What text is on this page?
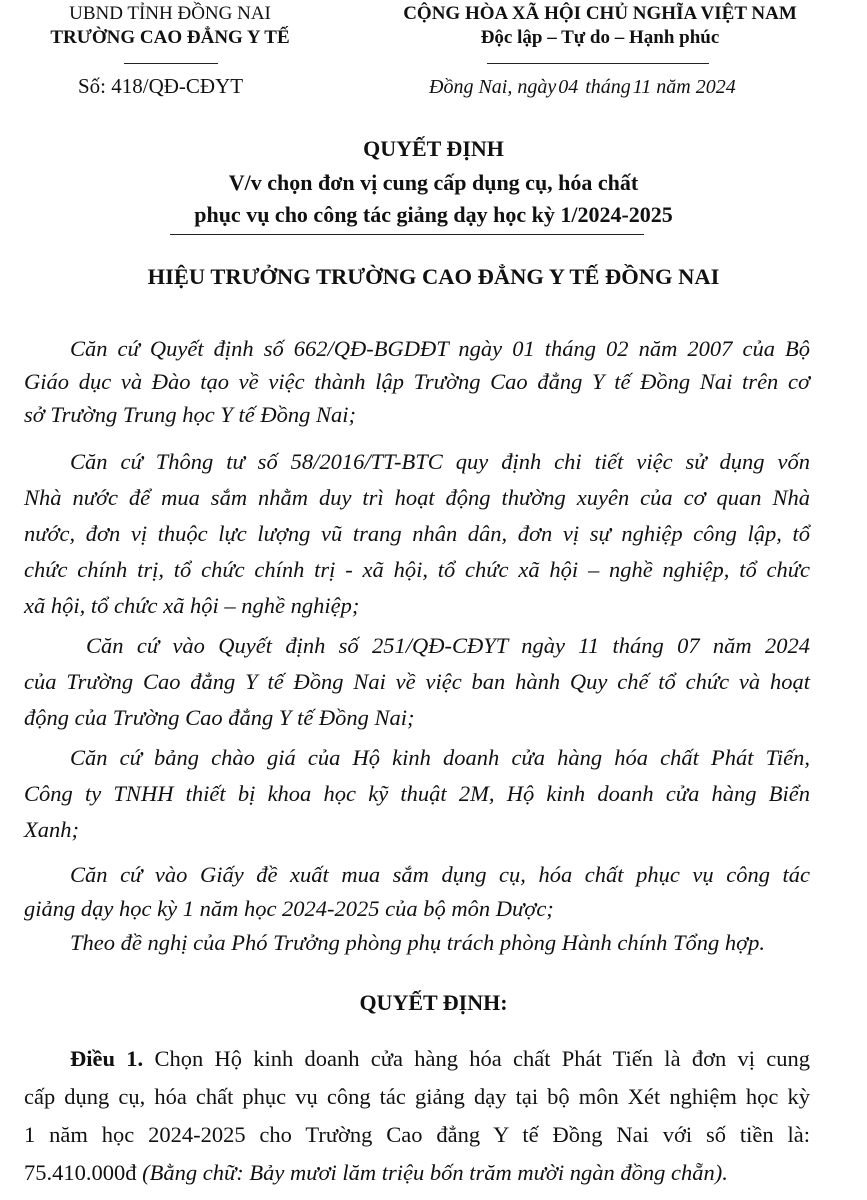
UBND TỈNH ĐỒNG NAI
TRƯỜNG CAO ĐẲNG Y TẾ
CỘNG HÒA XÃ HỘI CHỦ NGHĨA VIỆT NAM
Độc lập – Tự do – Hạnh phúc
Số: 418/QĐ-CĐYT	Đồng Nai, ngày 04 tháng 11 năm 2024
QUYẾT ĐỊNH
V/v chọn đơn vị cung cấp dụng cụ, hóa chất
phục vụ cho công tác giảng dạy học kỳ 1/2024-2025
HIỆU TRƯỞNG TRƯỜNG CAO ĐẲNG Y TẾ ĐỒNG NAI
Căn cứ Quyết định số 662/QĐ-BGDĐT ngày 01 tháng 02 năm 2007 của Bộ
Giáo dục và Đào tạo về việc thành lập Trường Cao đẳng Y tế Đồng Nai trên cơ
sở Trường Trung học Y tế Đồng Nai;
Căn cứ Thông tư số 58/2016/TT-BTC quy định chi tiết việc sử dụng vốn
Nhà nước để mua sắm nhằm duy trì hoạt động thường xuyên của cơ quan Nhà
nước, đơn vị thuộc lực lượng vũ trang nhân dân, đơn vị sự nghiệp công lập, tổ
chức chính trị, tổ chức chính trị - xã hội, tổ chức xã hội – nghề nghiệp, tổ chức
xã hội, tổ chức xã hội – nghề nghiệp;
Căn cứ vào Quyết định số 251/QĐ-CĐYT ngày 11 tháng 07 năm 2024
của Trường Cao đẳng Y tế Đồng Nai về việc ban hành Quy chế tổ chức và hoạt
động của Trường Cao đẳng Y tế Đồng Nai;
Căn cứ bảng chào giá của Hộ kinh doanh cửa hàng hóa chất Phát Tiến,
Công ty TNHH thiết bị khoa học kỹ thuật 2M, Hộ kinh doanh cửa hàng Biển
Xanh;
Căn cứ vào Giấy đề xuất mua sắm dụng cụ, hóa chất phục vụ công tác
giảng dạy học kỳ 1 năm học 2024-2025 của bộ môn Dược;
Theo đề nghị của Phó Trưởng phòng phụ trách phòng Hành chính Tổng hợp.
QUYẾT ĐỊNH:
Điều 1. Chọn Hộ kinh doanh cửa hàng hóa chất Phát Tiến là đơn vị cung
cấp dụng cụ, hóa chất phục vụ công tác giảng dạy tại bộ môn Xét nghiệm học kỳ
1 năm học 2024-2025 cho Trường Cao đẳng Y tế Đồng Nai với số tiền là:
75.410.000đ (Bằng chữ: Bảy mươi lăm triệu bốn trăm mười ngàn đồng chẵn).
